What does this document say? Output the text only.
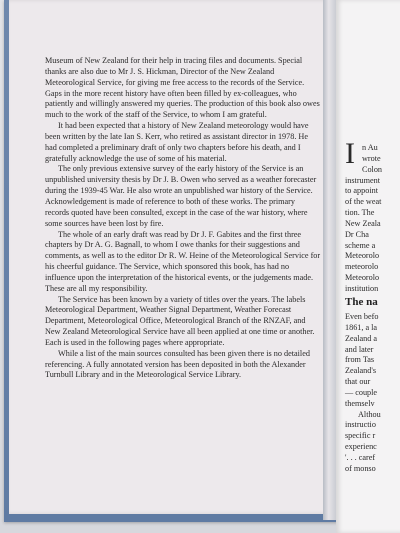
Museum of New Zealand for their help in tracing files and documents. Special thanks are also due to Mr J. S. Hickman, Director of the New Zealand Meteorological Service, for giving me free access to the records of the Service. Gaps in the more recent history have often been filled by ex-colleagues, who patiently and willingly answered my queries. The production of this book also owes much to the work of the staff of the Service, to whom I am grateful.

It had been expected that a history of New Zealand meteorology would have been written by the late Ian S. Kerr, who retired as assistant director in 1978. He had completed a preliminary draft of only two chapters before his death, and I gratefully acknowledge the use of some of his material.

The only previous extensive survey of the early history of the Service is an unpublished university thesis by Dr J. B. Owen who served as a weather forecaster during the 1939-45 War. He also wrote an unpublished war history of the Service. Acknowledgement is made of reference to both of these works. The primary records quoted have been consulted, except in the case of the war history, where some sources have been lost by fire.

The whole of an early draft was read by Dr J. F. Gabites and the first three chapters by Dr A. G. Bagnall, to whom I owe thanks for their suggestions and comments, as well as to the editor Dr R. W. Heine of the Meteorological Service for his cheerful guidance. The Service, which sponsored this book, has had no influence upon the interpretation of the historical events, or the judgements made. These are all my responsibility.

The Service has been known by a variety of titles over the years. The labels Meteorological Department, Weather Signal Department, Weather Forecast Department, Meteorological Office, Meteorological Branch of the RNZAF, and New Zealand Meteorological Service have all been applied at one time or another. Each is used in the following pages where appropriate.

While a list of the main sources consulted has been given there is no detailed referencing. A fully annotated version has been deposited in both the Alexander Turnbull Library and in the Meteorological Service Library.

I n Au
wrote
Colon
instrument
to appoint
of the weat
tion. The
New Zeala
Dr Cha
scheme a
Meteorolo
meteorolo
Meteorolo
institution
The na
Even befo
1861, a la
Zealand a
and later
from Tas
Zealand's
that our
— couple
themselv
Althou
instructio
specific r
experienc
'. . . caref
of monso
